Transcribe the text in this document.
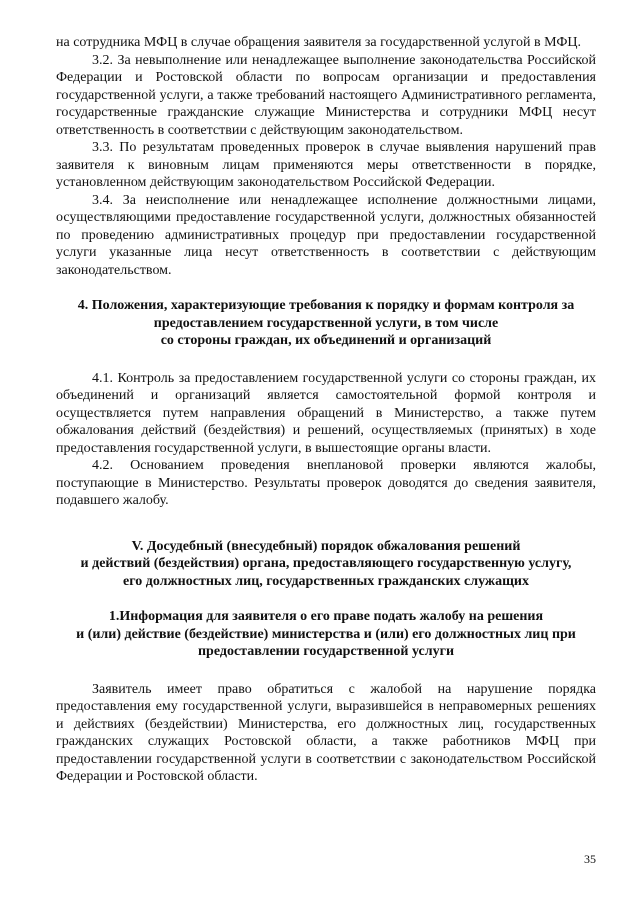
на сотрудника МФЦ в случае обращения заявителя за государственной услугой в МФЦ.

3.2. За невыполнение или ненадлежащее выполнение законодательства Российской Федерации и Ростовской области по вопросам организации и предоставления государственной услуги, а также требований настоящего Административного регламента, государственные гражданские служащие Министерства и сотрудники МФЦ несут ответственность в соответствии с действующим законодательством.

3.3. По результатам проведенных проверок в случае выявления нарушений прав заявителя к виновным лицам применяются меры ответственности в порядке, установленном действующим законодательством Российской Федерации.

3.4. За неисполнение или ненадлежащее исполнение должностными лицами, осуществляющими предоставление государственной услуги, должностных обязанностей по проведению административных процедур при предоставлении государственной услуги указанные лица несут ответственность в соответствии с действующим законодательством.

4. Положения, характеризующие требования к порядку и формам контроля за
предоставлением государственной услуги, в том числе
со стороны граждан, их объединений и организаций

4.1. Контроль за предоставлением государственной услуги со стороны граждан, их объединений и организаций является самостоятельной формой контроля и осуществляется путем направления обращений в Министерство, а также путем обжалования действий (бездействия) и решений, осуществляемых (принятых) в ходе предоставления государственной услуги, в вышестоящие органы власти.

4.2. Основанием проведения внеплановой проверки являются жалобы, поступающие в Министерство. Результаты проверок доводятся до сведения заявителя, подавшего жалобу.

V. Досудебный (внесудебный) порядок обжалования решений
и действий (бездействия) органа, предоставляющего государственную услугу,
его должностных лиц, государственных гражданских служащих
1.Информация для заявителя о его праве подать жалобу на решения
и (или) действие (бездействие) министерства и (или) его должностных лиц при
предоставлении государственной услуги

Заявитель имеет право обратиться с жалобой на нарушение порядка предоставления ему государственной услуги, выразившейся в неправомерных решениях и действиях (бездействии) Министерства, его должностных лиц, государственных гражданских служащих Ростовской области, а также работников МФЦ при предоставлении государственной услуги в соответствии с законодательством Российской Федерации и Ростовской области.

35
